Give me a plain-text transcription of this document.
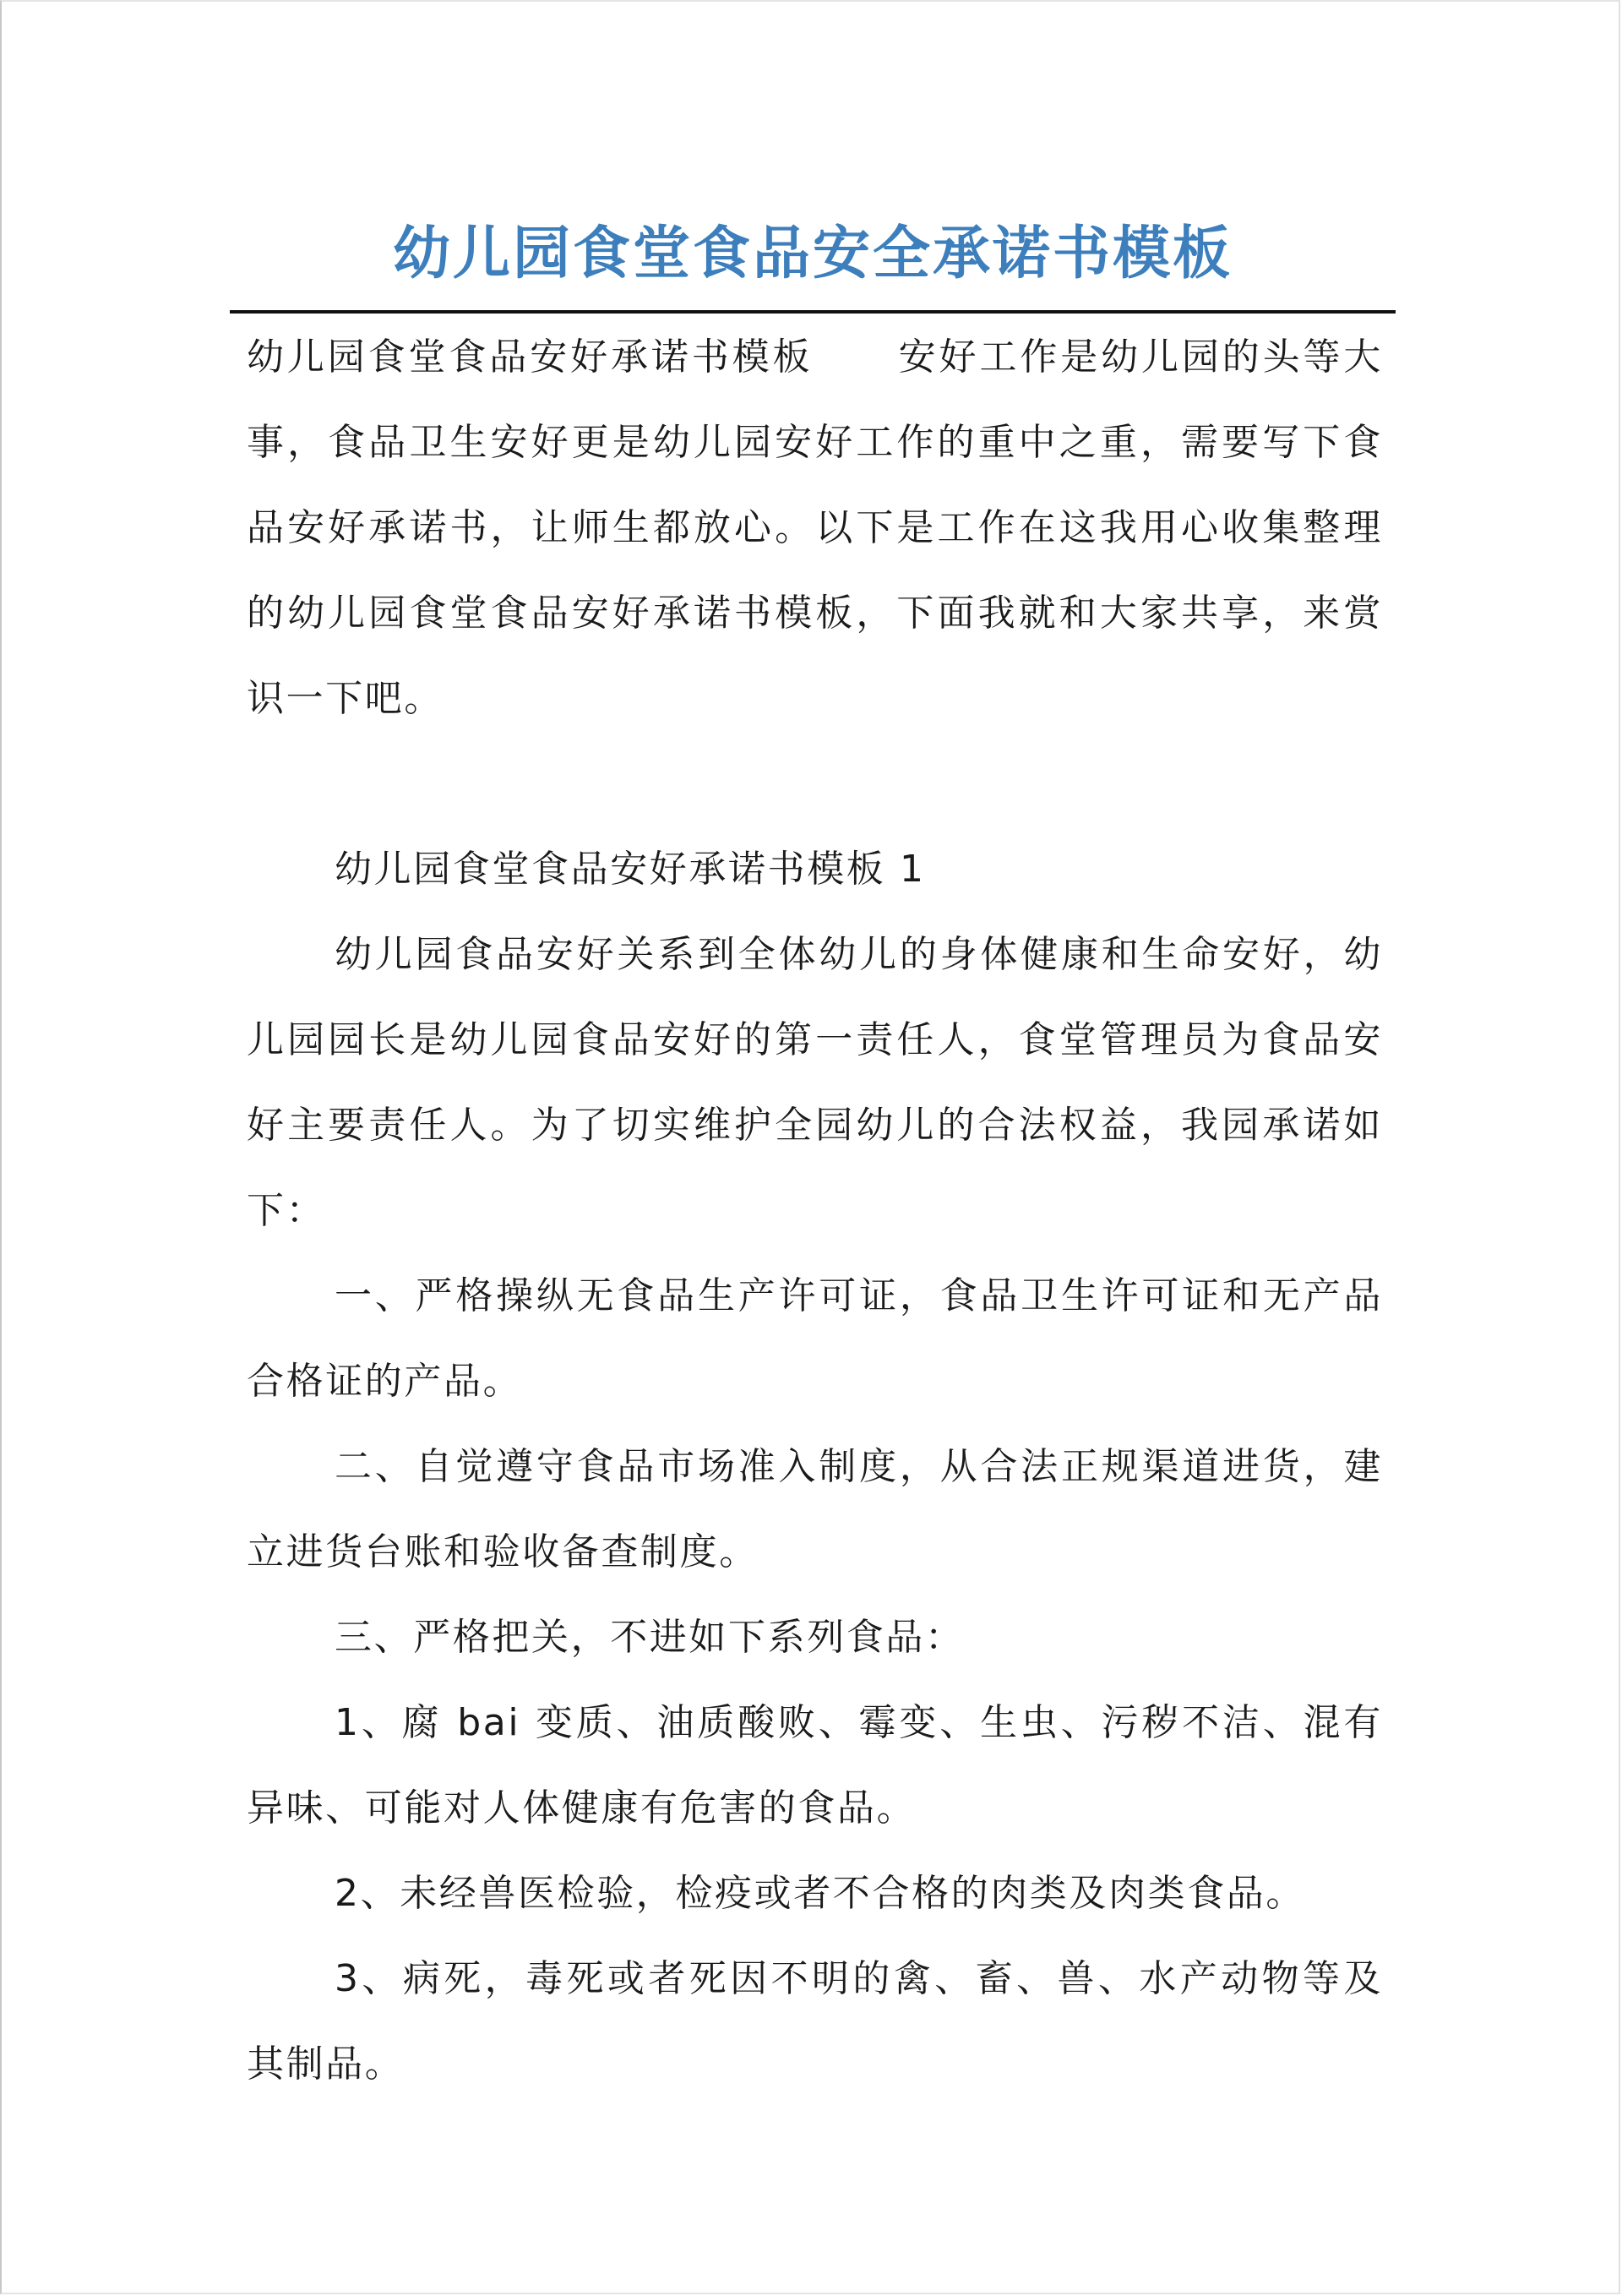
幼儿园食堂食品安全承诺书模板

幼儿园食堂食品安好承诺书模板 安好工作是幼儿园的头等大事，食品卫生安好更是幼儿园安好工作的重中之重，需要写下食品安好承诺书，让师生都放心。以下是工作在这我用心收集整理的幼儿园食堂食品安好承诺书模板，下面我就和大家共享，来赏识一下吧。

幼儿园食堂食品安好承诺书模板 1

幼儿园食品安好关系到全体幼儿的身体健康和生命安好，幼儿园园长是幼儿园食品安好的第一责任人，食堂管理员为食品安好主要责任人。为了切实维护全园幼儿的合法权益，我园承诺如下：

一、严格操纵无食品生产许可证，食品卫生许可证和无产品合格证的产品。

二、自觉遵守食品市场准入制度，从合法正规渠道进货，建立进货台账和验收备查制度。

三、严格把关，不进如下系列食品：

1、腐 bai 变质、油质酸败、霉变、生虫、污秽不洁、混有异味、可能对人体健康有危害的食品。

2、未经兽医检验，检疫或者不合格的肉类及肉类食品。

3、病死，毒死或者死因不明的禽、畜、兽、水产动物等及其制品。
